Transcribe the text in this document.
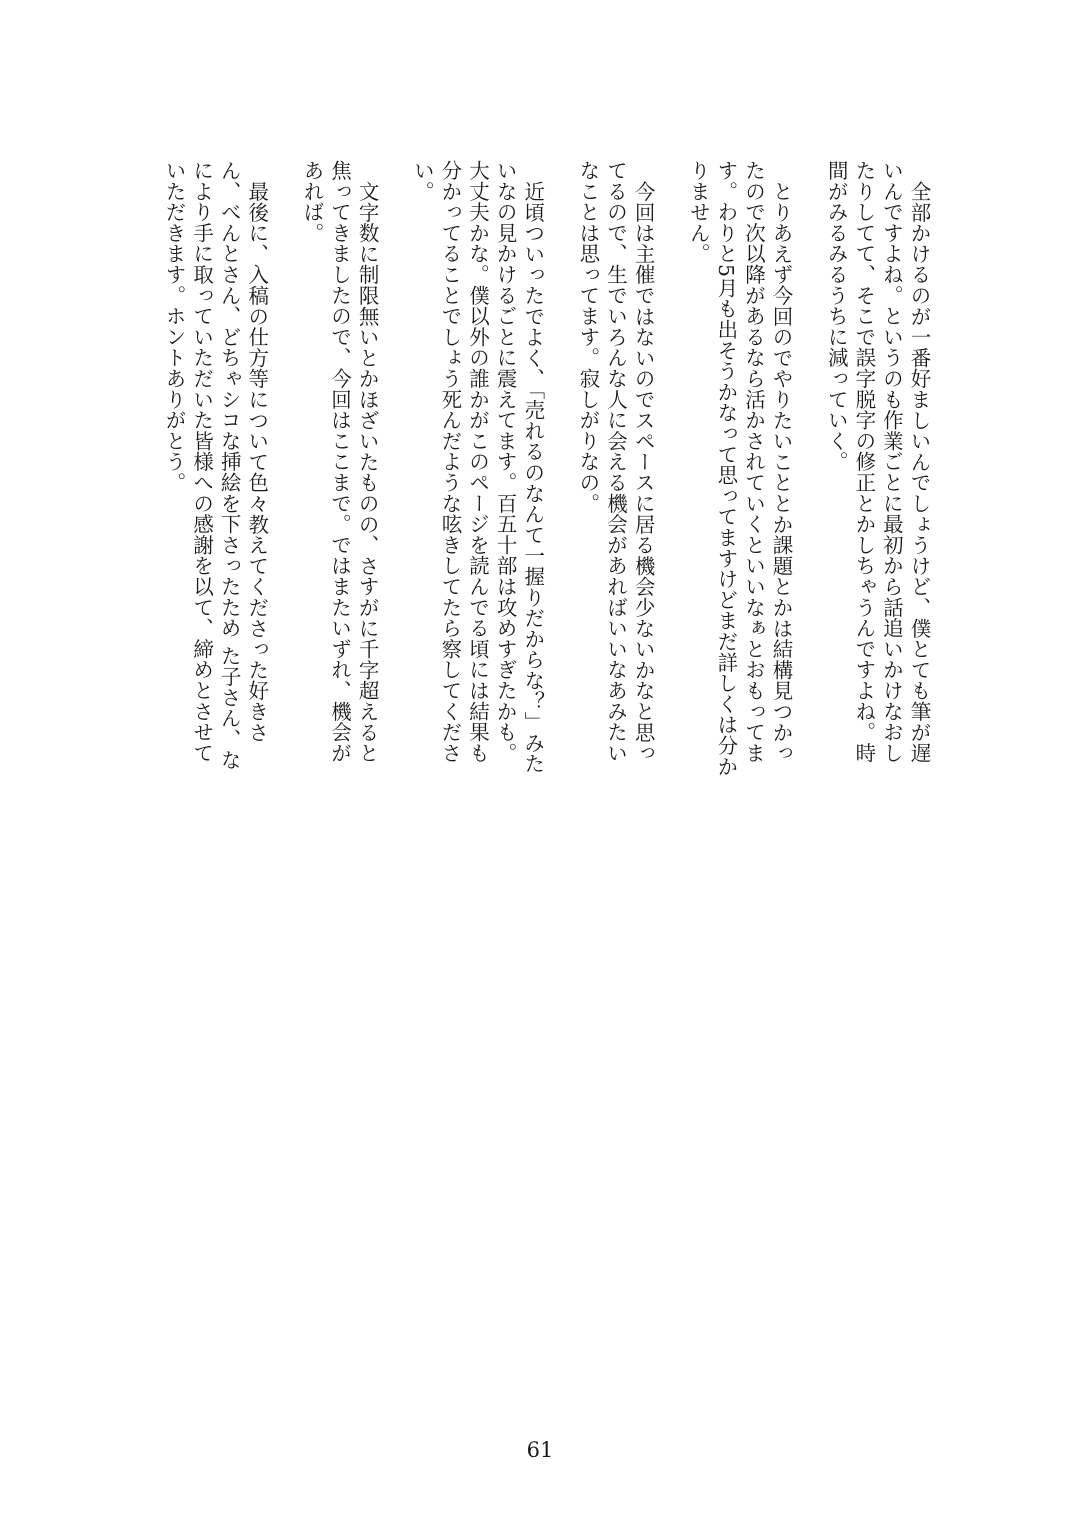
全部かけるのが一番好ましいんでしょうけど、僕とても筆が遅いんですよね。というのも作業ごとに最初から話追いかけなおしたりしてて、そこで誤字脱字の修正とかしちゃうんですよね。時間がみるみるうちに減っていく。

とりあえず今回のでやりたいこととか課題とかは結構見つかったので次以降があるなら活かされていくといいなぁとおもってます。わりと5月も出そうかなって思ってますけどまだ詳しくは分かりません。

今回は主催ではないのでスペースに居る機会少ないかなと思ってるので、生でいろんな人に会える機会があればいいなあみたいなことは思ってます。寂しがりなの。

近頃ついったでよく、「売れるのなんて一握りだからな？」みたいなの見かけるごとに震えてます。百五十部は攻めすぎたかも。大丈夫かな。僕以外の誰かがこのページを読んでる頃には結果も分かってることでしょう死んだような呟きしてたら察してください。

文字数に制限無いとかほざいたものの、さすがに千字超えると焦ってきましたので、今回はここまで。ではまたいずれ、機会があれば。

最後に、入稿の仕方等について色々教えてくださった好きさん、べんとさん、どちゃシコな挿絵を下さったため た子さん、なにより手に取っていただいた皆様への感謝を以て、締めとさせていただきます。ホントありがとう。

61
